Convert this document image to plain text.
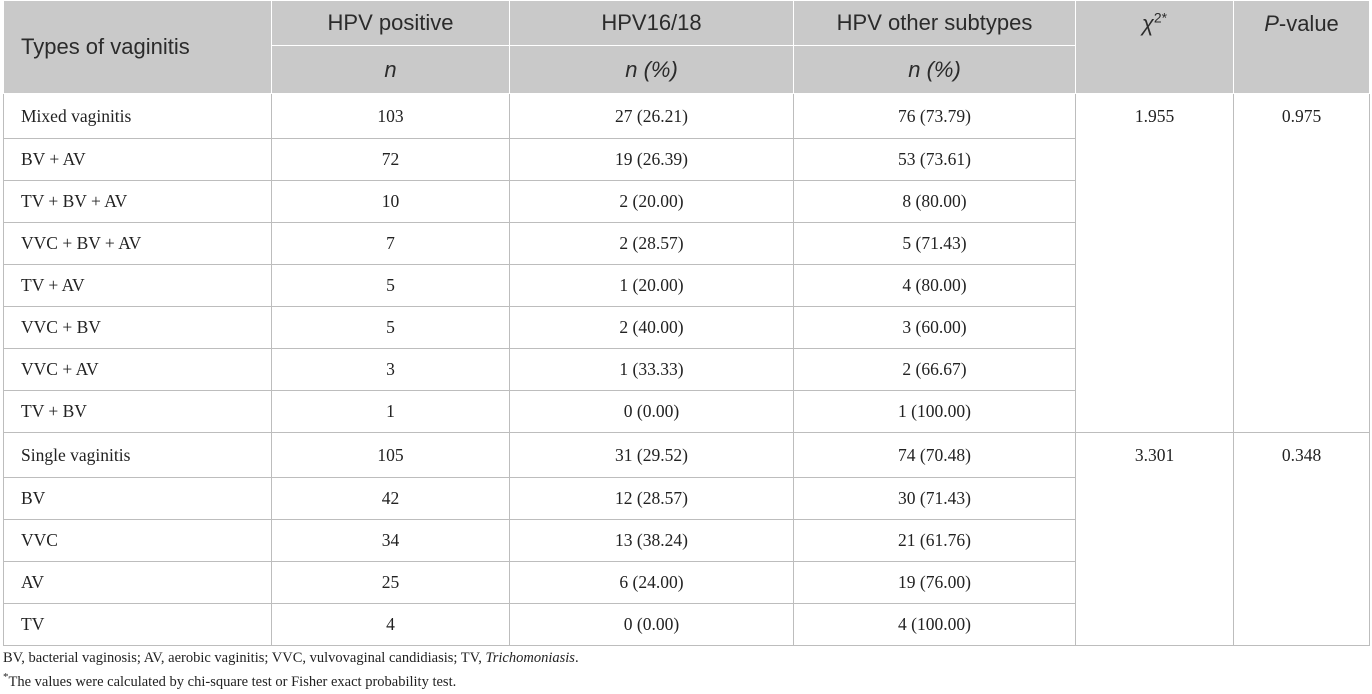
Types of vaginitis	HPV positive	HPV16/18	HPV other subtypes	$\chi^{2*}$	P-value
	n	n (%)	n (%)		
Mixed vaginitis	103	27 (26.21)	76 (73.79)	1.955	0.975
BV + AV	72	19 (26.39)	53 (73.61)		
TV + BV + AV	10	2 (20.00)	8 (80.00)		
VVC + BV + AV	7	2 (28.57)	5 (71.43)		
TV + AV	5	1 (20.00)	4 (80.00)		
VVC + BV	5	2 (40.00)	3 (60.00)		
VVC + AV	3	1 (33.33)	2 (66.67)		
TV + BV	1	0 (0.00)	1 (100.00)		
Single vaginitis	105	31 (29.52)	74 (70.48)	3.301	0.348
BV	42	12 (28.57)	30 (71.43)		
VVC	34	13 (38.24)	21 (61.76)		
AV	25	6 (24.00)	19 (76.00)		
TV	4	0 (0.00)	4 (100.00)		
BV, bacterial vaginosis; AV, aerobic vaginitis; VVC, vulvovaginal candidiasis; TV, Trichomoniasis.
*The values were calculated by chi-square test or Fisher exact probability test.
